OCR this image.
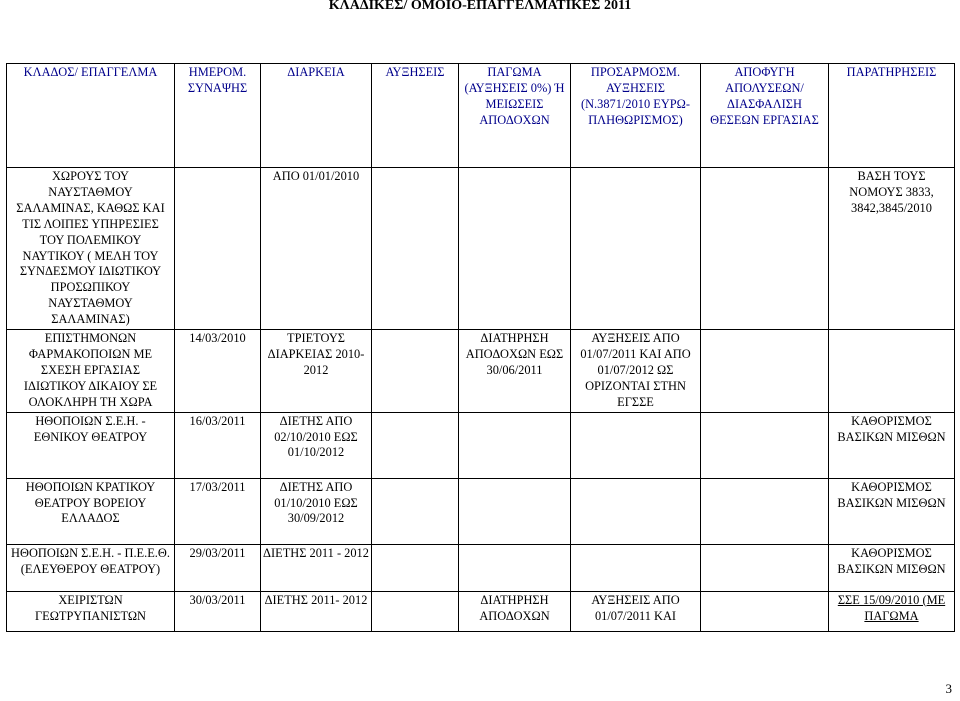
ΚΛΑΔΙΚΕΣ/ ΟΜΟΙΟ-ΕΠΑΓΓΕΛΜΑΤΙΚΕΣ 2011
ΚΛΑΔΟΣ/ ΕΠΑΓΓΕΛΜΑ	ΗΜΕΡΟΜ. ΣΥΝΑΨΗΣ	ΔΙΑΡΚΕΙΑ	ΑΥΞΗΣΕΙΣ	ΠΑΓΩΜΑ (ΑΥΞΗΣΕΙΣ 0%) Ή ΜΕΙΩΣΕΙΣ ΑΠΟΔΟΧΩΝ	ΠΡΟΣΑΡΜΟΣΜ. ΑΥΞΗΣΕΙΣ (Ν.3871/2010 ΕΥΡΩ- ΠΛΗΘΩΡΙΣΜΟΣ)	ΑΠΟΦΥΓΗ ΑΠΟΛΥΣΕΩΝ/ ΔΙΑΣΦΑΛΙΣΗ ΘΕΣΕΩΝ ΕΡΓΑΣΙΑΣ	ΠΑΡΑΤΗΡΗΣΕΙΣ
ΧΩΡΟΥΣ ΤΟΥ ΝΑΥΣΤΑΘΜΟΥ ΣΑΛΑΜΙΝΑΣ, ΚΑΘΩΣ ΚΑΙ ΤΙΣ ΛΟΙΠΕΣ ΥΠΗΡΕΣΙΕΣ ΤΟΥ ΠΟΛΕΜΙΚΟΥ ΝΑΥΤΙΚΟΥ ( ΜΕΛΗ ΤΟΥ ΣΥΝΔΕΣΜΟΥ ΙΔΙΩΤΙΚΟΥ ΠΡΟΣΩΠΙΚΟΥ ΝΑΥΣΤΑΘΜΟΥ ΣΑΛΑΜΙΝΑΣ)		ΑΠΟ 01/01/2010					ΒΑΣΗ ΤΟΥΣ ΝΟΜΟΥΣ 3833, 3842,3845/2010
ΕΠΙΣΤΗΜΟΝΩΝ ΦΑΡΜΑΚΟΠΟΙΩΝ ΜΕ ΣΧΕΣΗ ΕΡΓΑΣΙΑΣ ΙΔΙΩΤΙΚΟΥ ΔΙΚΑΙΟΥ ΣΕ ΟΛΟΚΛΗΡΗ ΤΗ ΧΩΡΑ	14/03/2010	ΤΡΙΕΤΟΥΣ ΔΙΑΡΚΕΙΑΣ 2010-2012		ΔΙΑΤΗΡΗΣΗ ΑΠΟΔΟΧΩΝ ΕΩΣ 30/06/2011	ΑΥΞΗΣΕΙΣ ΑΠΟ 01/07/2011 ΚΑΙ ΑΠΟ 01/07/2012 ΩΣ ΟΡΙΖΟΝΤΑΙ ΣΤΗΝ ΕΓΣΣΕ		
ΗΘΟΠΟΙΩΝ Σ.Ε.Η. - ΕΘΝΙΚΟΥ ΘΕΑΤΡΟΥ	16/03/2011	ΔΙΕΤΗΣ ΑΠΟ 02/10/2010 ΕΩΣ 01/10/2012					ΚΑΘΟΡΙΣΜΟΣ ΒΑΣΙΚΩΝ ΜΙΣΘΩΝ
ΗΘΟΠΟΙΩΝ ΚΡΑΤΙΚΟΥ ΘΕΑΤΡΟΥ ΒΟΡΕΙΟΥ ΕΛΛΑΔΟΣ	17/03/2011	ΔΙΕΤΗΣ ΑΠΟ 01/10/2010 ΕΩΣ 30/09/2012					ΚΑΘΟΡΙΣΜΟΣ ΒΑΣΙΚΩΝ ΜΙΣΘΩΝ
ΗΘΟΠΟΙΩΝ Σ.Ε.Η. - Π.Ε.Ε.Θ. (ΕΛΕΥΘΕΡΟΥ ΘΕΑΤΡΟΥ)	29/03/2011	ΔΙΕΤΗΣ 2011 - 2012					ΚΑΘΟΡΙΣΜΟΣ ΒΑΣΙΚΩΝ ΜΙΣΘΩΝ
ΧΕΙΡΙΣΤΩΝ ΓΕΩΤΡΥΠΑΝΙΣΤΩΝ	30/03/2011	ΔΙΕΤΗΣ 2011- 2012		ΔΙΑΤΗΡΗΣΗ ΑΠΟΔΟΧΩΝ	ΑΥΞΗΣΕΙΣ ΑΠΟ 01/07/2011 ΚΑΙ		ΣΣΕ 15/09/2010 (ΜΕ ΠΑΓΩΜΑ
3
